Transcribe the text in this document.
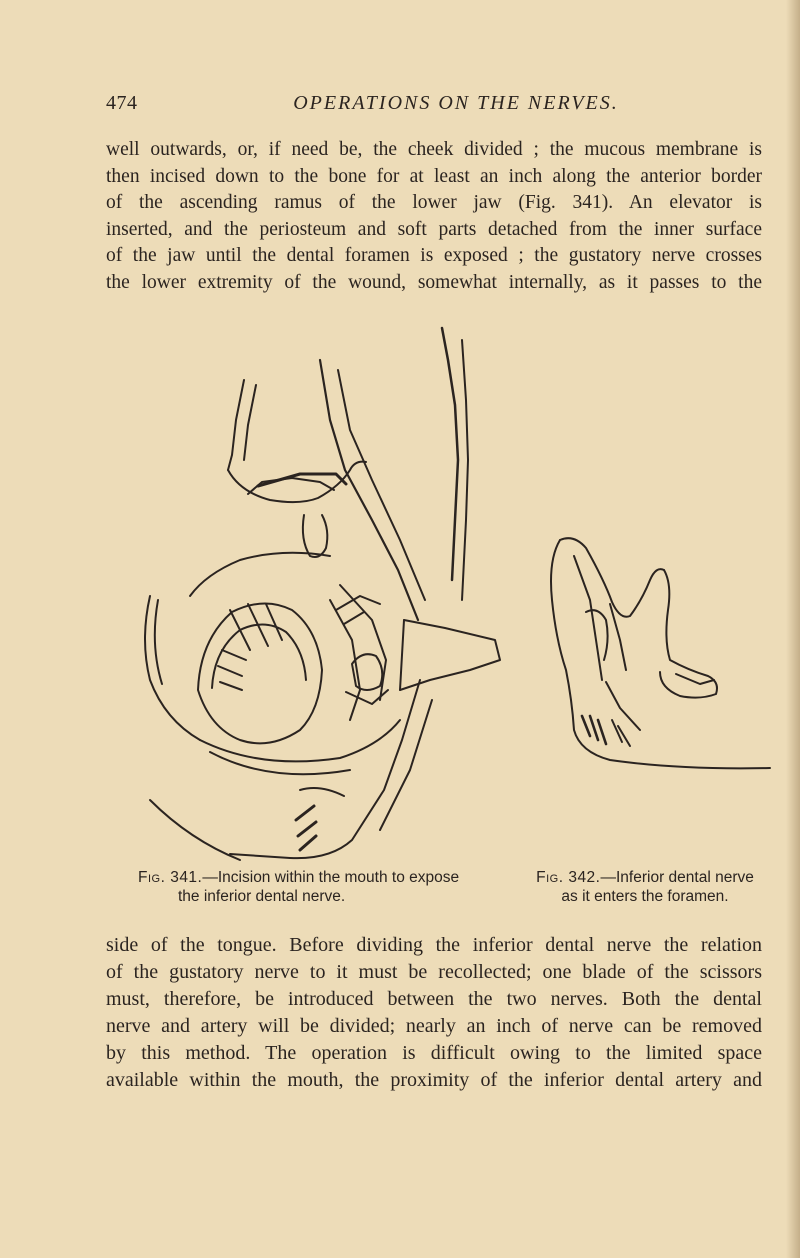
474	OPERATIONS ON THE NERVES.
well outwards, or, if need be, the cheek divided ; the mucous membrane is
then incised down to the bone for at least an inch along the anterior border
of the ascending ramus of the lower jaw (Fig. 341). An elevator is
inserted, and the periosteum and soft parts detached from the inner surface
of the jaw until the dental foramen is exposed ; the gustatory nerve crosses
the lower extremity of the wound, somewhat internally, as it passes to the
Fig. 341.—Incision within the mouth to expose
the inferior dental nerve.
Fig. 342.—Inferior dental nerve
as it enters the foramen.
side of the tongue. Before dividing the inferior dental nerve the relation
of the gustatory nerve to it must be recollected; one blade of the scissors
must, therefore, be introduced between the two nerves. Both the dental
nerve and artery will be divided; nearly an inch of nerve can be removed
by this method. The operation is difficult owing to the limited space
available within the mouth, the proximity of the inferior dental artery and
